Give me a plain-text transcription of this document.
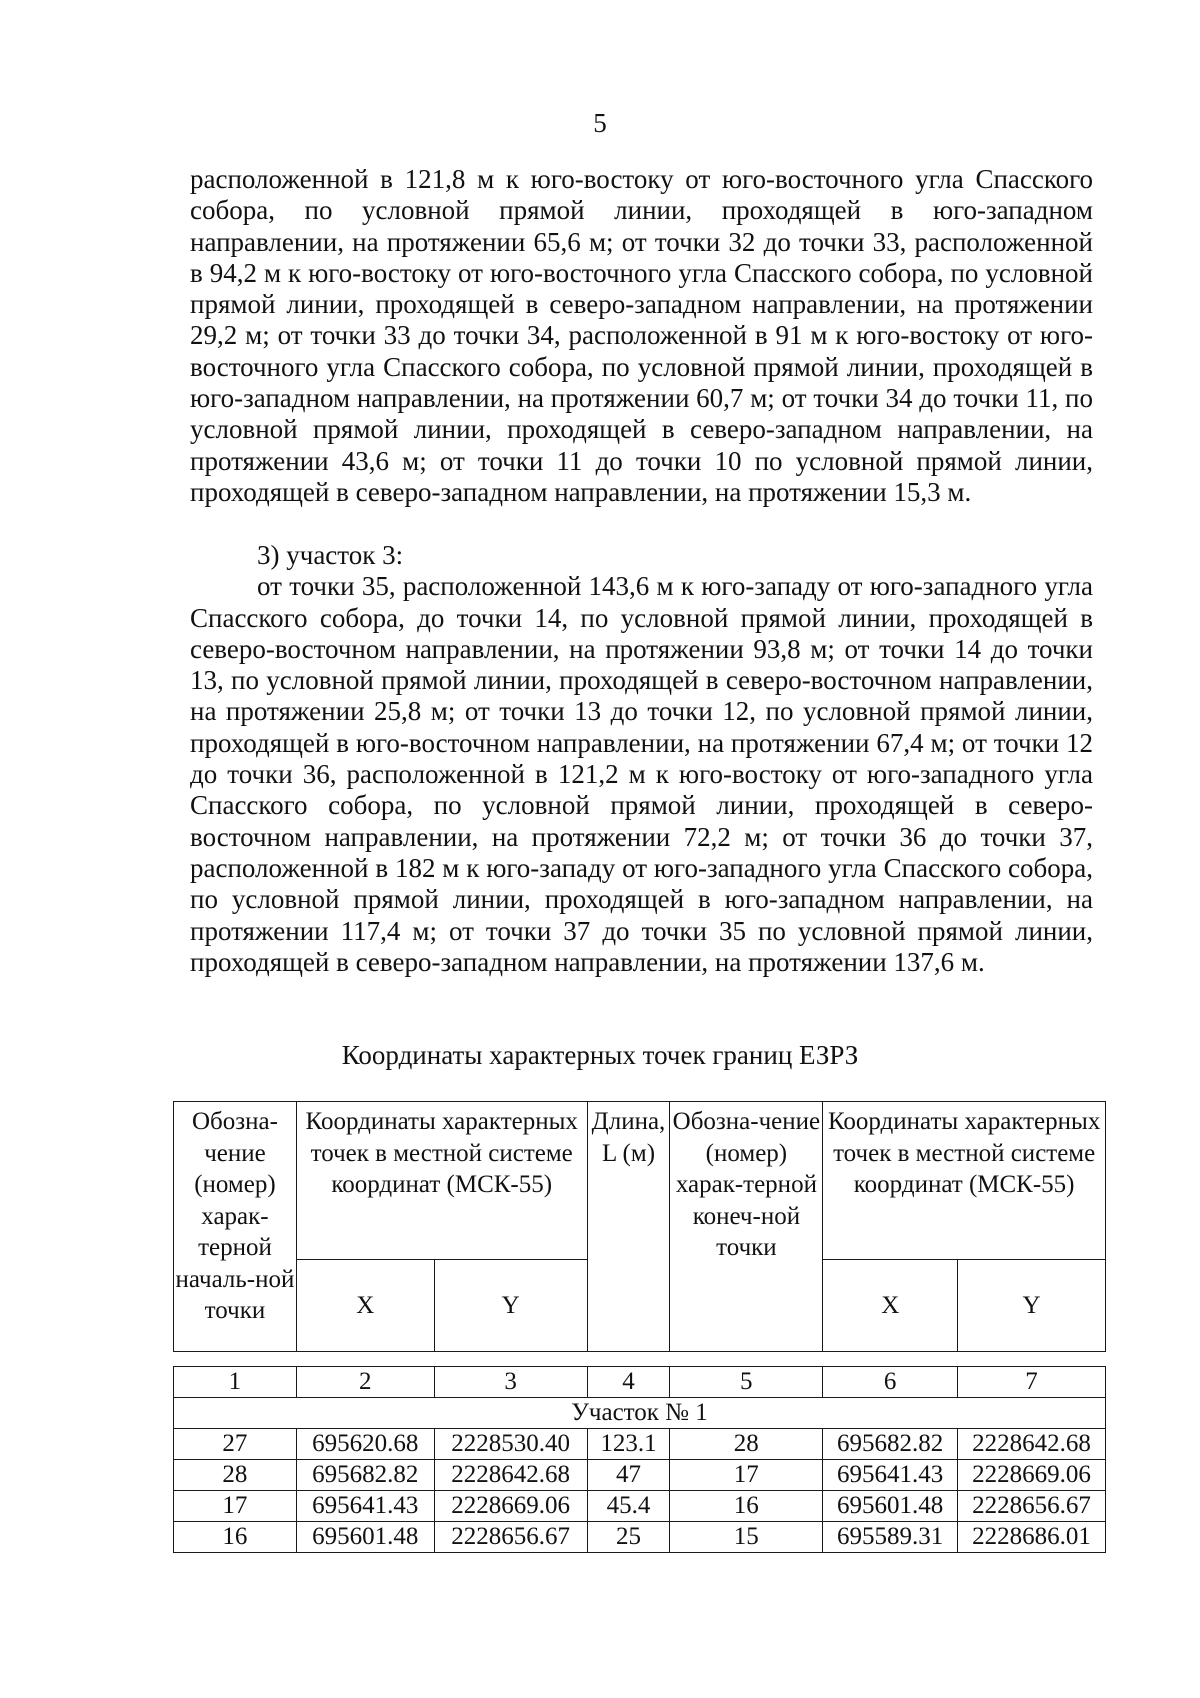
5

расположенной в 121,8 м к юго-востоку от юго-восточного угла Спасского собора, по условной прямой линии, проходящей в юго-западном направлении, на протяжении 65,6 м; от точки 32 до точки 33, расположенной в 94,2 м к юго-востоку от юго-восточного угла Спасского собора, по условной прямой линии, проходящей в северо-западном направлении, на протяжении 29,2 м; от точки 33 до точки 34, расположенной в 91 м к юго-востоку от юго-восточного угла Спасского собора, по условной прямой линии, проходящей в юго-западном направлении, на протяжении 60,7 м; от точки 34 до точки 11, по условной прямой линии, проходящей в северо-западном направлении, на протяжении 43,6 м; от точки 11 до точки 10 по условной прямой линии, проходящей в северо-западном направлении, на протяжении 15,3 м.

3) участок 3:

от точки 35, расположенной 143,6 м к юго-западу от юго-западного угла Спасского собора, до точки 14, по условной прямой линии, проходящей в северо-восточном направлении, на протяжении 93,8 м; от точки 14 до точки 13, по условной прямой линии, проходящей в северо-восточном направлении, на протяжении 25,8 м; от точки 13 до точки 12, по условной прямой линии, проходящей в юго-восточном направлении, на протяжении 67,4 м; от точки 12 до точки 36, расположенной в 121,2 м к юго-востоку от юго-западного угла Спасского собора, по условной прямой линии, проходящей в северо-восточном направлении, на протяжении 72,2 м; от точки 36 до точки 37, расположенной в 182 м к юго-западу от юго-западного угла Спасского собора, по условной прямой линии, проходящей в юго-западном направлении, на протяжении 117,4 м; от точки 37 до точки 35 по условной прямой линии, проходящей в северо-западном направлении, на протяжении 137,6 м.

Координаты характерных точек границ ЕЗРЗ
Обозна-чение (номер) харак-терной началь-ной точки	Координаты характерных точек в местной системе координат (МСК-55)		Длина, L (м)	Обозна-чение (номер) харак-терной конеч-ной точки	Координаты характерных точек в местной системе координат (МСК-55)	
	X	Y			X	Y
1	2	3	4	5	6	7
Участок № 1						
27	695620.68	2228530.40	123.1	28	695682.82	2228642.68
28	695682.82	2228642.68	47	17	695641.43	2228669.06
17	695641.43	2228669.06	45.4	16	695601.48	2228656.67
16	695601.48	2228656.67	25	15	695589.31	2228686.01
